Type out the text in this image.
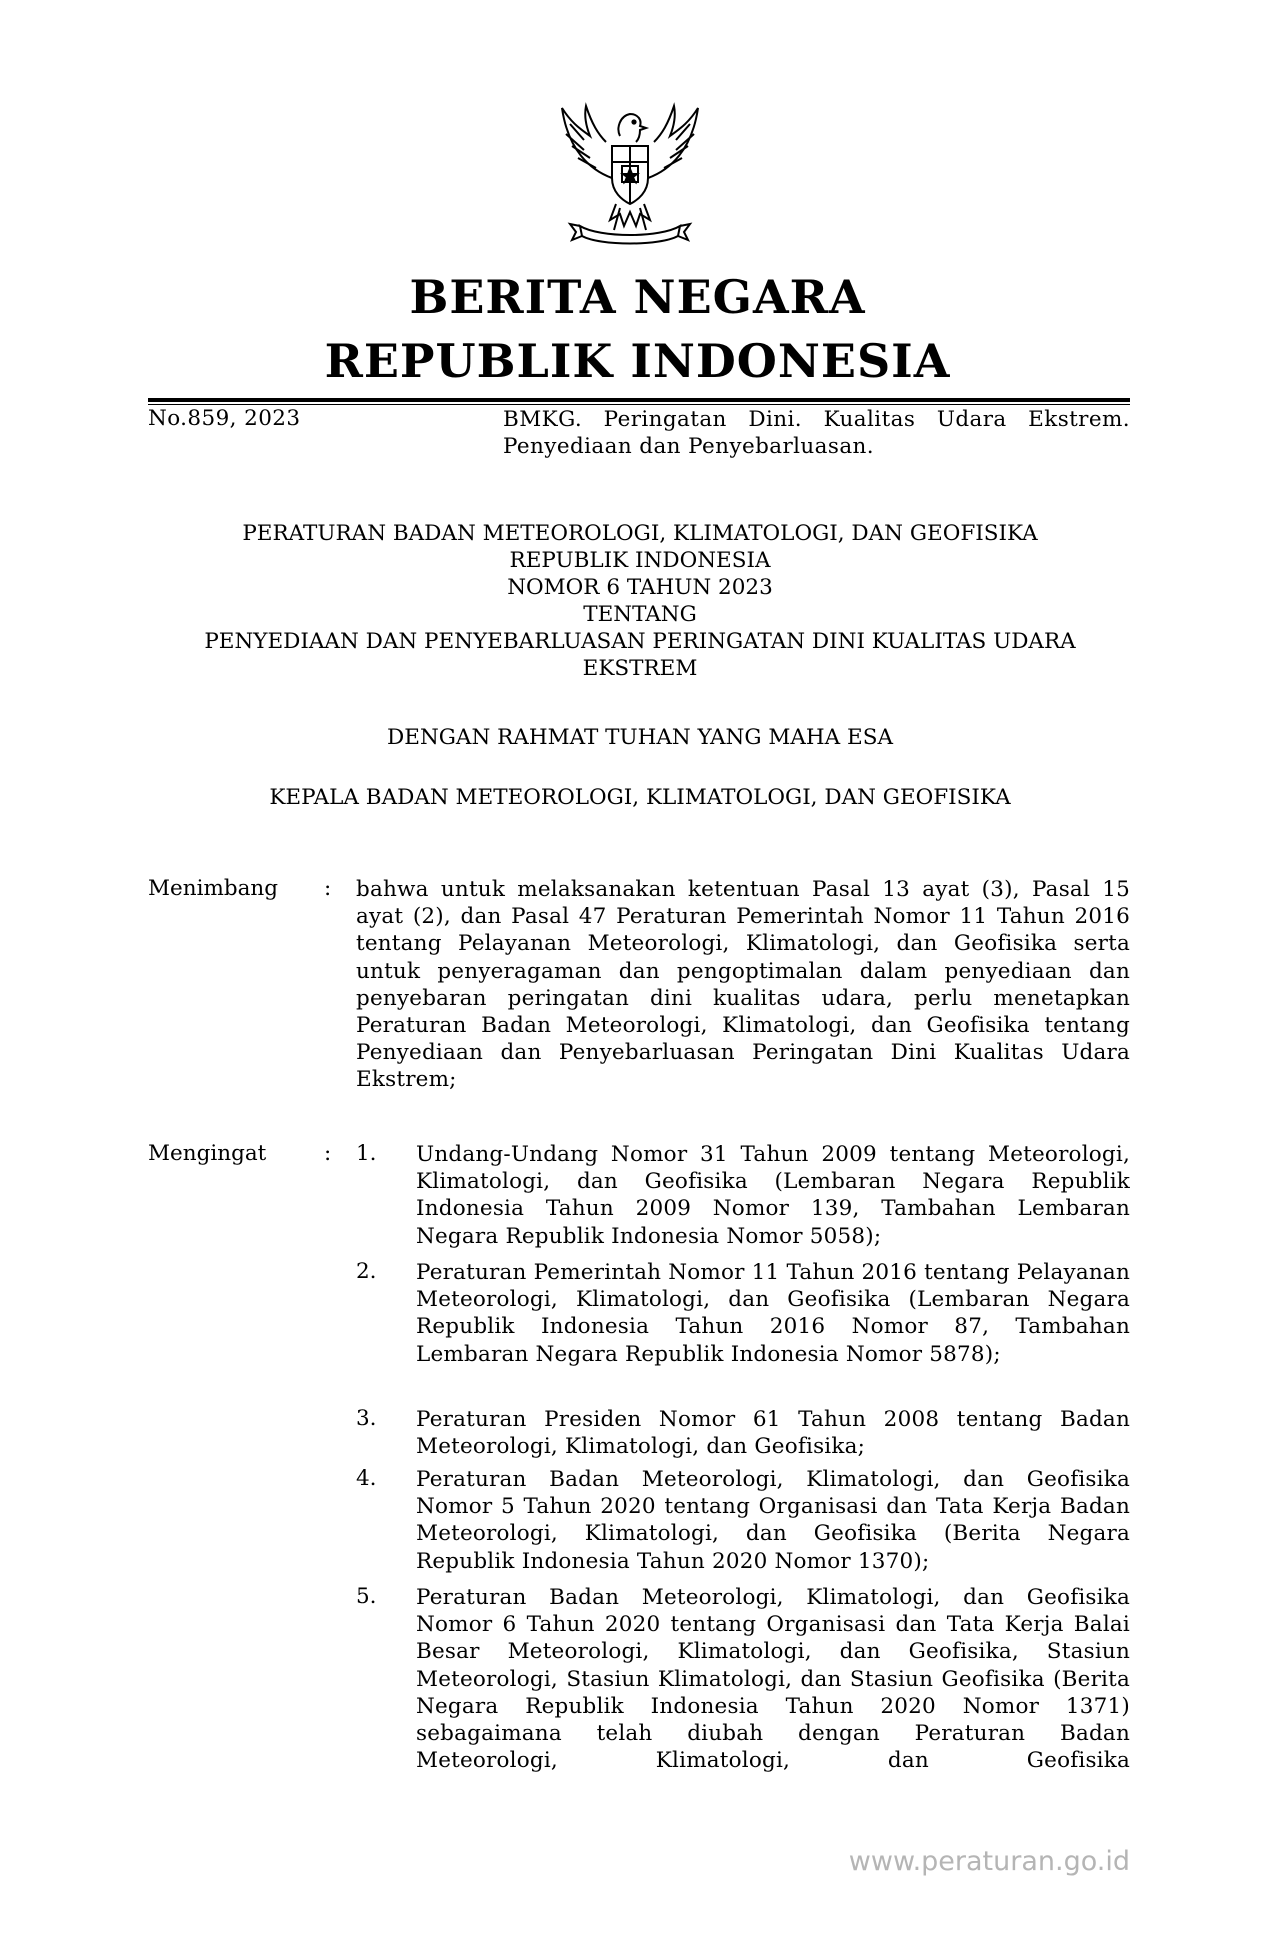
BERITA NEGARA
REPUBLIK INDONESIA
No.859, 2023	BMKG. Peringatan Dini. Kualitas Udara Ekstrem. Penyediaan dan Penyebarluasan.
PERATURAN BADAN METEOROLOGI, KLIMATOLOGI, DAN GEOFISIKA
REPUBLIK INDONESIA
NOMOR 6 TAHUN 2023
TENTANG
PENYEDIAAN DAN PENYEBARLUASAN PERINGATAN DINI KUALITAS UDARA
EKSTREM
DENGAN RAHMAT TUHAN YANG MAHA ESA
KEPALA BADAN METEOROLOGI, KLIMATOLOGI, DAN GEOFISIKA
Menimbang : bahwa untuk melaksanakan ketentuan Pasal 13 ayat (3), Pasal 15 ayat (2), dan Pasal 47 Peraturan Pemerintah Nomor 11 Tahun 2016 tentang Pelayanan Meteorologi, Klimatologi, dan Geofisika serta untuk penyeragaman dan pengoptimalan dalam penyediaan dan penyebaran peringatan dini kualitas udara, perlu menetapkan Peraturan Badan Meteorologi, Klimatologi, dan Geofisika tentang Penyediaan dan Penyebarluasan Peringatan Dini Kualitas Udara Ekstrem;
Mengingat	: 1. Undang-Undang Nomor 31 Tahun 2009 tentang Meteorologi, Klimatologi, dan Geofisika (Lembaran Negara Republik Indonesia Tahun 2009 Nomor 139, Tambahan Lembaran Negara Republik Indonesia Nomor 5058);
2. Peraturan Pemerintah Nomor 11 Tahun 2016 tentang Pelayanan Meteorologi, Klimatologi, dan Geofisika (Lembaran Negara Republik Indonesia Tahun 2016 Nomor 87, Tambahan Lembaran Negara Republik Indonesia Nomor 5878);
3. Peraturan Presiden Nomor 61 Tahun 2008 tentang Badan Meteorologi, Klimatologi, dan Geofisika;
4. Peraturan Badan Meteorologi, Klimatologi, dan Geofisika Nomor 5 Tahun 2020 tentang Organisasi dan Tata Kerja Badan Meteorologi, Klimatologi, dan Geofisika (Berita Negara Republik Indonesia Tahun 2020 Nomor 1370);
5. Peraturan Badan Meteorologi, Klimatologi, dan Geofisika Nomor 6 Tahun 2020 tentang Organisasi dan Tata Kerja Balai Besar Meteorologi, Klimatologi, dan Geofisika, Stasiun Meteorologi, Stasiun Klimatologi, dan Stasiun Geofisika (Berita Negara Republik Indonesia Tahun 2020 Nomor 1371) sebagaimana telah diubah dengan Peraturan Badan Meteorologi, Klimatologi, dan Geofisika
www.peraturan.go.id
